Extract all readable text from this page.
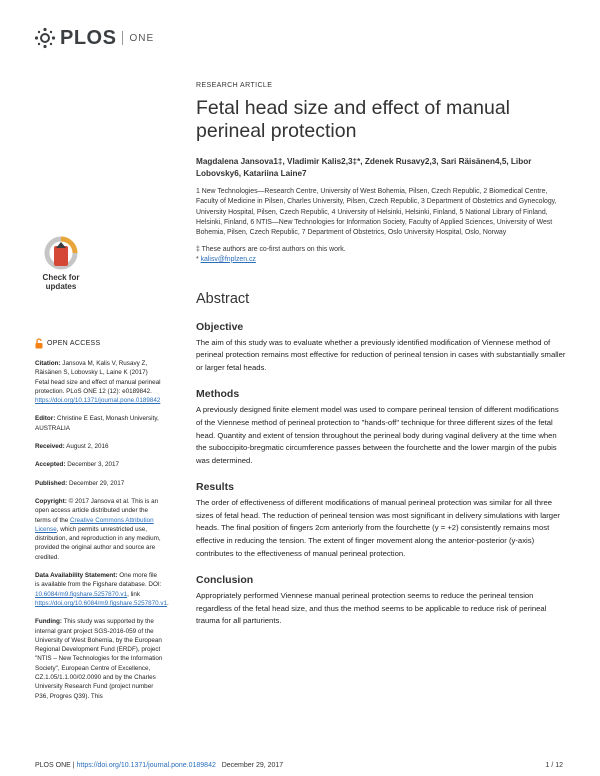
PLOS ONE
Check for
updates
OPEN ACCESS

Citation: Jansova M, Kalis V, Rusavy Z, Räisänen S, Lobovsky L, Laine K (2017) Fetal head size and effect of manual perineal protection. PLoS ONE 12 (12): e0189842. https://doi.org/10.1371/journal.pone.0189842

Editor: Christine E East, Monash University, AUSTRALIA

Received: August 2, 2016

Accepted: December 3, 2017

Published: December 29, 2017

Copyright: © 2017 Jansova et al. This is an open access article distributed under the terms of the Creative Commons Attribution License, which permits unrestricted use, distribution, and reproduction in any medium, provided the original author and source are credited.

Data Availability Statement: One more file is available from the Figshare database. DOI: 10.6084/m9.figshare.5257870.v1, link https://doi.org/10.6084/m9.figshare.5257870.v1.

Funding: This study was supported by the internal grant project SGS-2016-059 of the University of West Bohemia, by the European Regional Development Fund (ERDF), project "NTIS – New Technologies for the Information Society", European Centre of Excellence, CZ.1.05/1.1.00/02.0090 and by the Charles University Research Fund (project number P36, Progres Q39). This

RESEARCH ARTICLE
Fetal head size and effect of manual perineal protection
Magdalena Jansova1‡, Vladimir Kalis2,3‡*, Zdenek Rusavy2,3, Sari Räisänen4,5, Libor Lobovsky6, Katariina Laine7
1 New Technologies—Research Centre, University of West Bohemia, Pilsen, Czech Republic, 2 Biomedical Centre, Faculty of Medicine in Pilsen, Charles University, Pilsen, Czech Republic, 3 Department of Obstetrics and Gynecology, University Hospital, Pilsen, Czech Republic, 4 University of Helsinki, Helsinki, Finland, 5 National Library of Finland, Helsinki, Finland, 6 NTIS—New Technologies for Information Society, Faculty of Applied Sciences, University of West Bohemia, Pilsen, Czech Republic, 7 Department of Obstetrics, Oslo University Hospital, Oslo, Norway
‡ These authors are co-first authors on this work.
* kalisv@fnplzen.cz
Abstract
Objective
The aim of this study was to evaluate whether a previously identified modification of Viennese method of perineal protection remains most effective for reduction of perineal tension in cases with substantially smaller or larger fetal heads.
Methods
A previously designed finite element model was used to compare perineal tension of different modifications of the Viennese method of perineal protection to "hands-off" technique for three different sizes of the fetal head. Quantity and extent of tension throughout the perineal body during vaginal delivery at the time when the suboccipito-bregmatic circumference passes between the fourchette and the lower margin of the pubis was determined.
Results
The order of effectiveness of different modifications of manual perineal protection was similar for all three sizes of fetal head. The reduction of perineal tension was most significant in delivery simulations with larger heads. The final position of fingers 2cm anteriorly from the fourchette (y = +2) consistently remains most effective in reducing the tension. The extent of finger movement along the anterior-posterior (y-axis) contributes to the effectiveness of manual perineal protection.
Conclusion
Appropriately performed Viennese manual perineal protection seems to reduce the perineal tension regardless of the fetal head size, and thus the method seems to be applicable to reduce risk of perineal trauma for all parturients.
PLOS ONE | https://doi.org/10.1371/journal.pone.0189842 December 29, 2017	1 / 12
